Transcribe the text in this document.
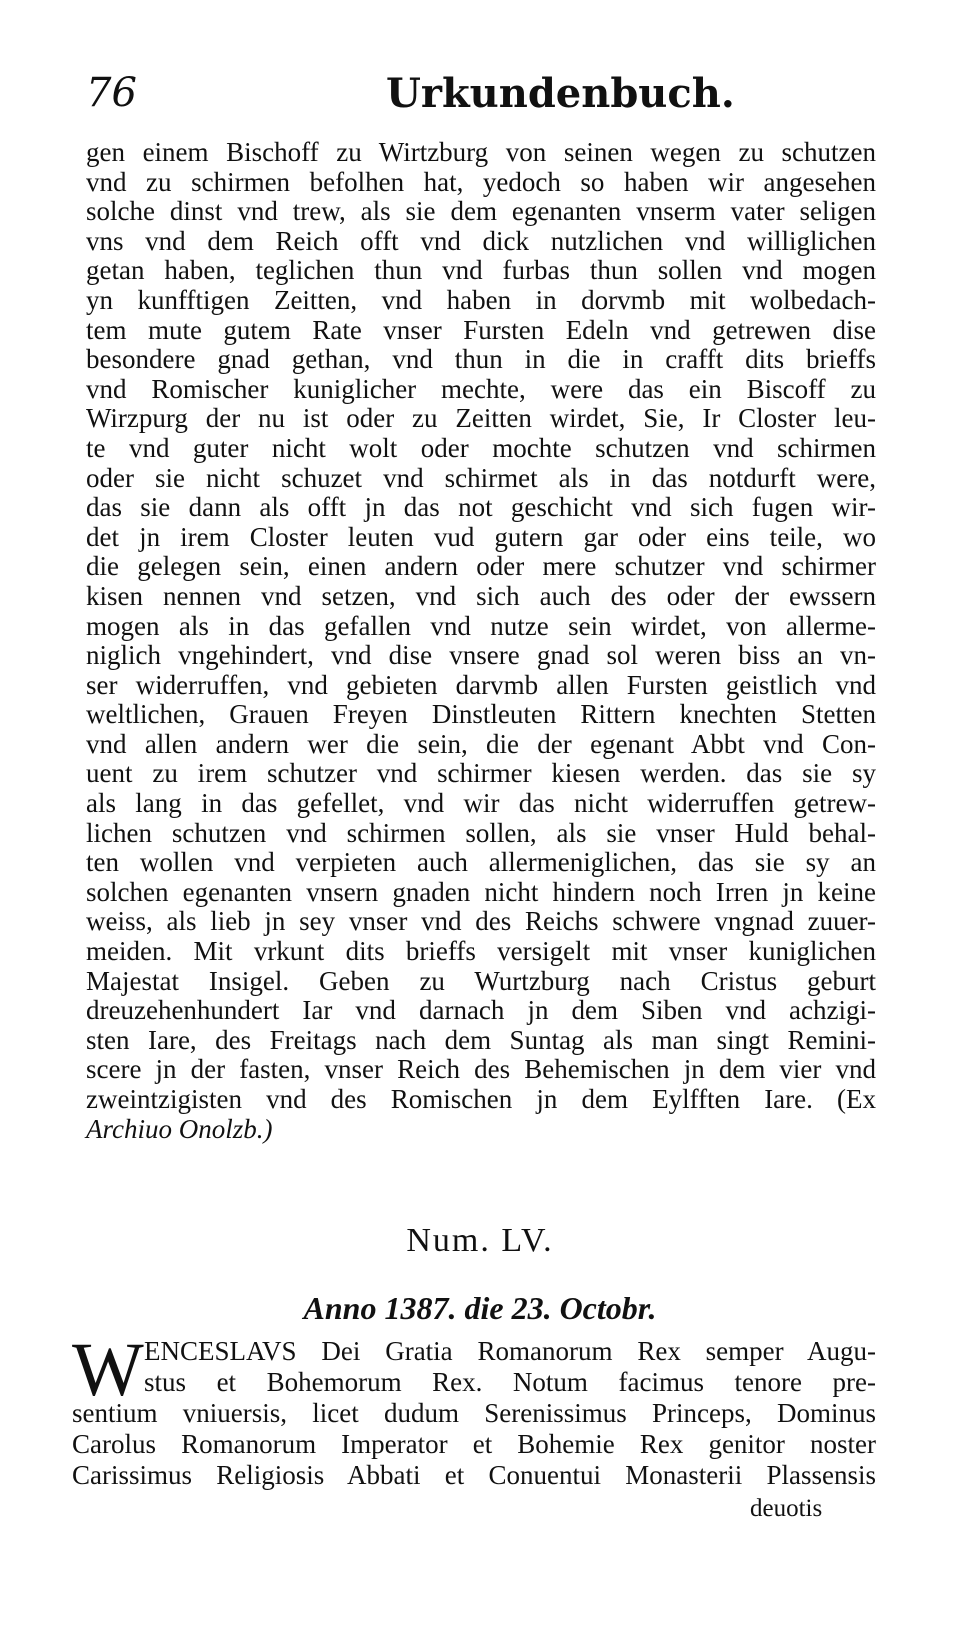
76	Urkundenbuch.
gen einem Bischoff zu Wirtzburg von seinen wegen zu schutzen
vnd zu schirmen befolhen hat, yedoch so haben wir angesehen
solche dinst vnd trew, als sie dem egenanten vnserm vater seligen
vns vnd dem Reich offt vnd dick nutzlichen vnd williglichen
getan haben, teglichen thun vnd furbas thun sollen vnd mogen
yn kunfftigen Zeitten, vnd haben in dorvmb mit wolbedach-
tem mute gutem Rate vnser Fursten Edeln vnd getrewen dise
besondere gnad gethan, vnd thun in die in crafft dits brieffs
vnd Romischer kuniglicher mechte, were das ein Biscoff zu
Wirzpurg der nu ist oder zu Zeitten wirdet, Sie, Ir Closter leu-
te vnd guter nicht wolt oder mochte schutzen vnd schirmen
oder sie nicht schuzet vnd schirmet als in das notdurft were,
das sie dann als offt jn das not geschicht vnd sich fugen wir-
det jn irem Closter leuten vud gutern gar oder eins teile, wo
die gelegen sein, einen andern oder mere schutzer vnd schirmer
kisen nennen vnd setzen, vnd sich auch des oder der ewssern
mogen als in das gefallen vnd nutze sein wirdet, von allerme-
niglich vngehindert, vnd dise vnsere gnad sol weren biss an vn-
ser widerruffen, vnd gebieten darvmb allen Fursten geistlich vnd
weltlichen, Grauen Freyen Dinstleuten Rittern knechten Stetten
vnd allen andern wer die sein, die der egenant Abbt vnd Con-
uent zu irem schutzer vnd schirmer kiesen werden. das sie sy
als lang in das gefellet, vnd wir das nicht widerruffen getrew-
lichen schutzen vnd schirmen sollen, als sie vnser Huld behal-
ten wollen vnd verpieten auch allermeniglichen, das sie sy an
solchen egenanten vnsern gnaden nicht hindern noch Irren jn keine
weiss, als lieb jn sey vnser vnd des Reichs schwere vngnad zuuer-
meiden. Mit vrkunt dits brieffs versigelt mit vnser kuniglichen
Majestat Insigel. Geben zu Wurtzburg nach Cristus geburt
dreuzehenhundert Iar vnd darnach jn dem Siben vnd achzigi-
sten Iare, des Freitags nach dem Suntag als man singt Remini-
scere jn der fasten, vnser Reich des Behemischen jn dem vier vnd
zweintzigisten vnd des Romischen jn dem Eylfften Iare. (Ex
Archiuo Onolzb.)
Num. LV.
Anno 1387. die 23. Octobr.
W ENCESLAVS Dei Gratia Romanorum Rex semper Augu-
stus et Bohemorum Rex. Notum facimus tenore pre-
sentium vniuersis, licet dudum Serenissimus Princeps, Dominus
Carolus Romanorum Imperator et Bohemie Rex genitor noster
Carissimus Religiosis Abbati et Conuentui Monasterii Plassensis
deuotis
